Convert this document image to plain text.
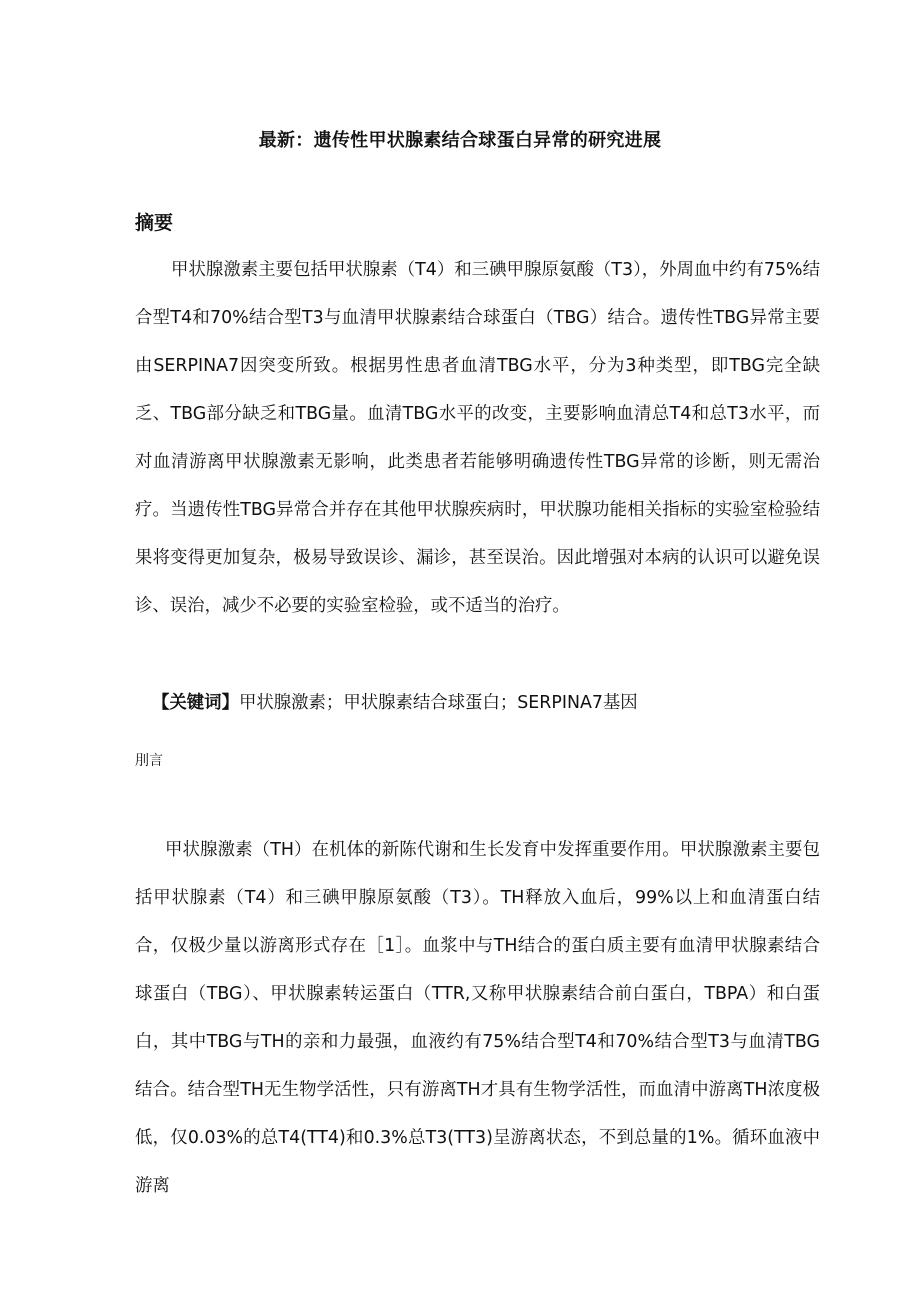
最新：遗传性甲状腺素结合球蛋白异常的研究进展
摘要

甲状腺激素主要包括甲状腺素（T4）和三碘甲腺原氨酸（T3），外周血中约有75%结合型T4和70%结合型T3与血清甲状腺素结合球蛋白（TBG）结合。遗传性TBG异常主要由SERPINA7因突变所致。根据男性患者血清TBG水平，分为3种类型，即TBG完全缺乏、TBG部分缺乏和TBG量。血清TBG水平的改变，主要影响血清总T4和总T3水平，而对血清游离甲状腺激素无影响，此类患者若能够明确遗传性TBG异常的诊断，则无需治疗。当遗传性TBG异常合并存在其他甲状腺疾病时，甲状腺功能相关指标的实验室检验结果将变得更加复杂，极易导致误诊、漏诊，甚至误治。因此增强对本病的认识可以避免误诊、误治，减少不必要的实验室检验，或不适当的治疗。

【关键词】甲状腺激素；甲状腺素结合球蛋白；SERPINA7基因
刖言

甲状腺激素（TH）在机体的新陈代谢和生长发育中发挥重要作用。甲状腺激素主要包括甲状腺素（T4）和三碘甲腺原氨酸（T3）。TH释放入血后，99%以上和血清蛋白结合，仅极少量以游离形式存在［1］。血浆中与TH结合的蛋白质主要有血清甲状腺素结合球蛋白（TBG）、甲状腺素转运蛋白（TTR,又称甲状腺素结合前白蛋白，TBPA）和白蛋白，其中TBG与TH的亲和力最强，血液约有75%结合型T4和70%结合型T3与血清TBG结合。结合型TH无生物学活性，只有游离TH才具有生物学活性，而血清中游离TH浓度极低，仅0.03%的总T4(TT4)和0.3%总T3(TT3)呈游离状态，不到总量的1%。循环血液中游离
